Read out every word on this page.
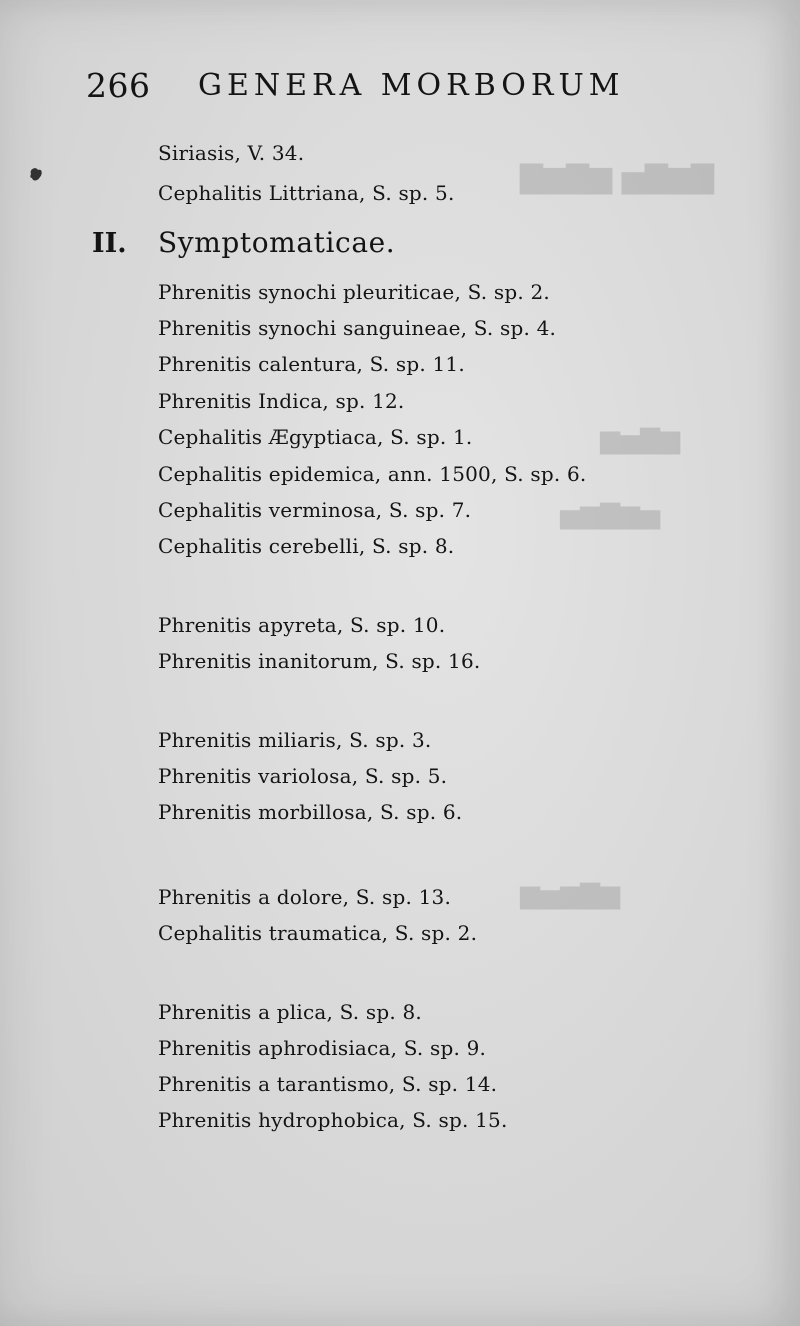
▇▆▇▅ ▆▇▆▇
▆▇▅▆
▅▆▇▆▅
▆▇▆▅▆
266 GENERA MORBORUM
Siriasis, V. 34.
Cephalitis Littriana, S. sp. 5.
II. Symptomaticae.
Phrenitis synochi pleuriticae, S. sp. 2.
Phrenitis synochi sanguineae, S. sp. 4.
Phrenitis calentura, S. sp. 11.
Phrenitis Indica, sp. 12.
Cephalitis Ægyptiaca, S. sp. 1.
Cephalitis epidemica, ann. 1500, S. sp. 6.
Cephalitis verminosa, S. sp. 7.
Cephalitis cerebelli, S. sp. 8.
Phrenitis apyreta, S. sp. 10.
Phrenitis inanitorum, S. sp. 16.
Phrenitis miliaris, S. sp. 3.
Phrenitis variolosa, S. sp. 5.
Phrenitis morbillosa, S. sp. 6.
Phrenitis a dolore, S. sp. 13.
Cephalitis traumatica, S. sp. 2.
Phrenitis a plica, S. sp. 8.
Phrenitis aphrodisiaca, S. sp. 9.
Phrenitis a tarantismo, S. sp. 14.
Phrenitis hydrophobica, S. sp. 15.
